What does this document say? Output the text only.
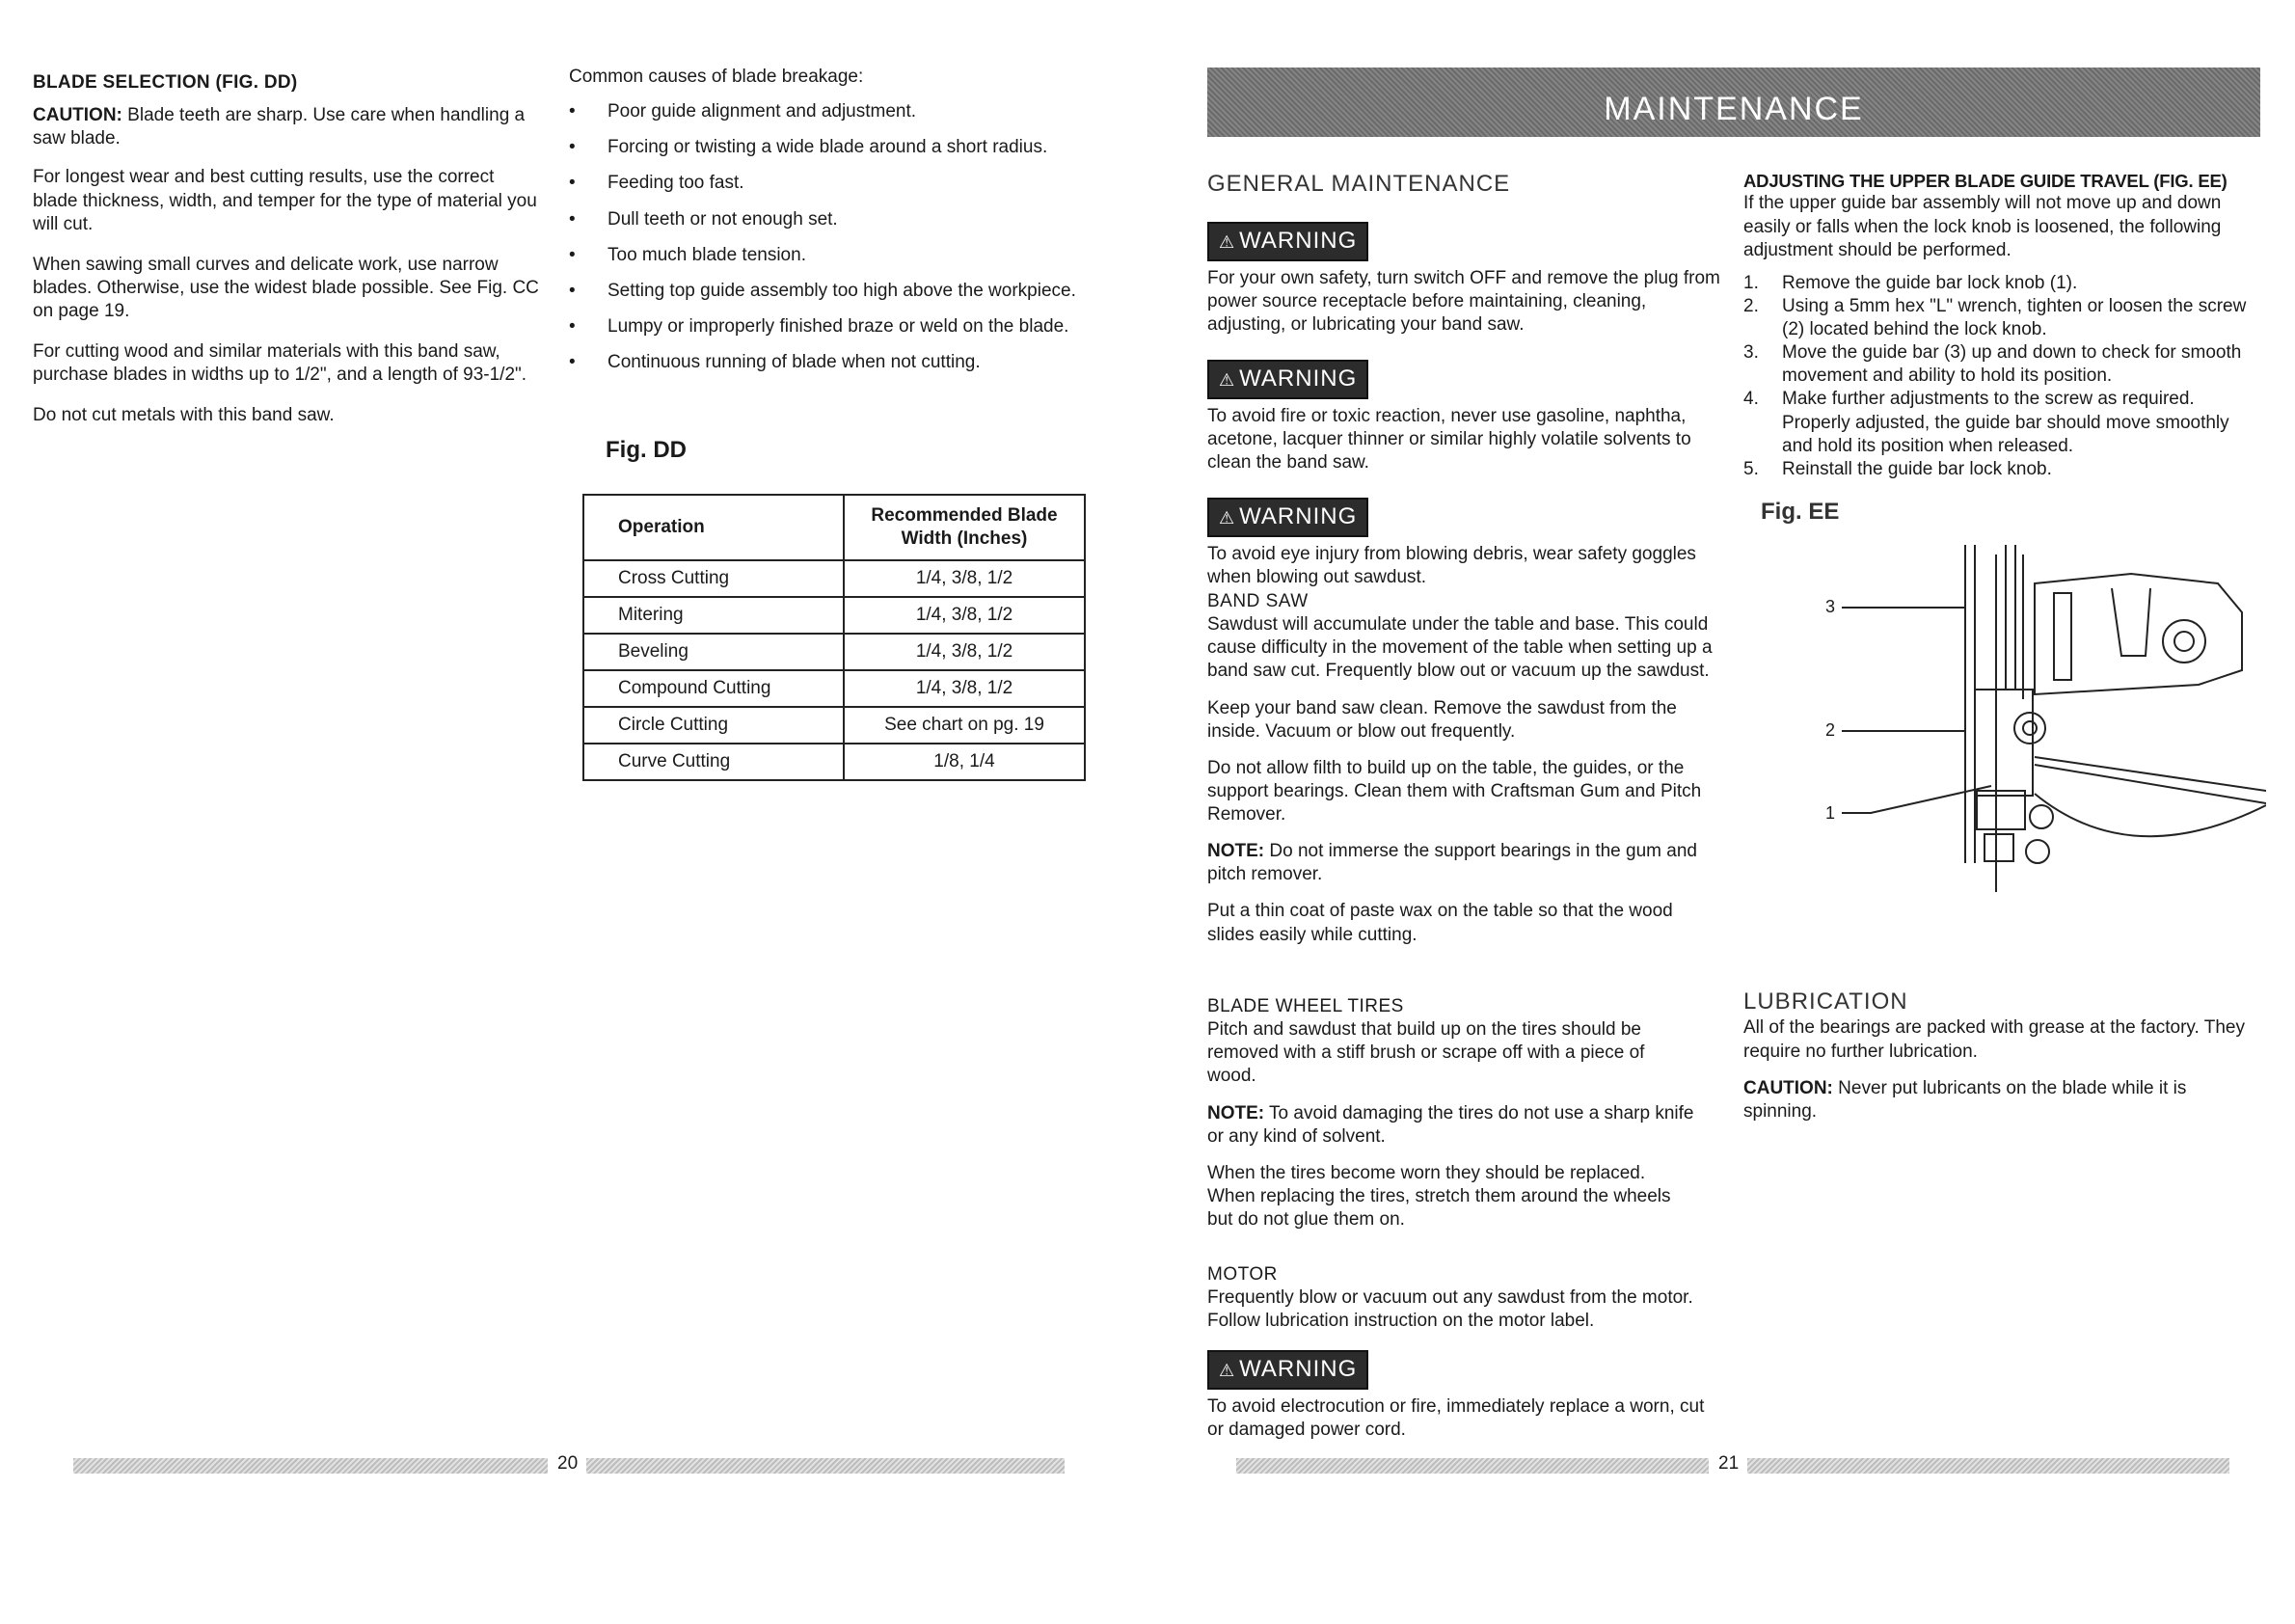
BLADE SELECTION (FIG. DD)

CAUTION: Blade teeth are sharp. Use care when handling a saw blade.

For longest wear and best cutting results, use the correct blade thickness, width, and temper for the type of material you will cut.

When sawing small curves and delicate work, use narrow blades. Otherwise, use the widest blade possible. See Fig. CC on page 19.

For cutting wood and similar materials with this band saw, purchase blades in widths up to 1/2", and a length of 93-1/2".

Do not cut metals with this band saw.

Common causes of blade breakage:

• Poor guide alignment and adjustment.
• Forcing or twisting a wide blade around a short radius.
• Feeding too fast.
• Dull teeth or not enough set.
• Too much blade tension.
• Setting top guide assembly too high above the workpiece.
• Lumpy or improperly finished braze or weld on the blade.
• Continuous running of blade when not cutting.

Fig. DD

Operation	Recommended Blade Width (Inches)
Cross Cutting	1/4, 3/8, 1/2
Mitering	1/4, 3/8, 1/2
Beveling	1/4, 3/8, 1/2
Compound Cutting	1/4, 3/8, 1/2
Circle Cutting	See chart on pg. 19
Curve Cutting	1/8, 1/4
20
MAINTENANCE

GENERAL MAINTENANCE

⚠ WARNING

For your own safety, turn switch OFF and remove the plug from power source receptacle before maintaining, cleaning, adjusting, or lubricating your band saw.

⚠ WARNING

To avoid fire or toxic reaction, never use gasoline, naphtha, acetone, lacquer thinner or similar highly volatile solvents to clean the band saw.

⚠ WARNING

To avoid eye injury from blowing debris, wear safety goggles when blowing out sawdust.

BAND SAW

Sawdust will accumulate under the table and base. This could cause difficulty in the movement of the table when setting up a band saw cut. Frequently blow out or vacuum up the sawdust.

Keep your band saw clean. Remove the sawdust from the inside. Vacuum or blow out frequently.

Do not allow filth to build up on the table, the guides, or the support bearings. Clean them with Craftsman Gum and Pitch Remover.

NOTE: Do not immerse the support bearings in the gum and pitch remover.

Put a thin coat of paste wax on the table so that the wood slides easily while cutting.

BLADE WHEEL TIRES

Pitch and sawdust that build up on the tires should be removed with a stiff brush or scrape off with a piece of wood.

NOTE: To avoid damaging the tires do not use a sharp knife or any kind of solvent.

When the tires become worn they should be replaced. When replacing the tires, stretch them around the wheels but do not glue them on.

MOTOR

Frequently blow or vacuum out any sawdust from the motor. Follow lubrication instruction on the motor label.

⚠ WARNING

To avoid electrocution or fire, immediately replace a worn, cut or damaged power cord.

ADJUSTING THE UPPER BLADE GUIDE TRAVEL (FIG. EE)

If the upper guide bar assembly will not move up and down easily or falls when the lock knob is loosened, the following adjustment should be performed.

1. Remove the guide bar lock knob (1).
2. Using a 5mm hex "L" wrench, tighten or loosen the screw (2) located behind the lock knob.
3. Move the guide bar (3) up and down to check for smooth movement and ability to hold its position.
4. Make further adjustments to the screw as required. Properly adjusted, the guide bar should move smoothly and hold its position when released.
5. Reinstall the guide bar lock knob.

Fig. EE

3
2
1

LUBRICATION

All of the bearings are packed with grease at the factory. They require no further lubrication.

CAUTION: Never put lubricants on the blade while it is spinning.

21
